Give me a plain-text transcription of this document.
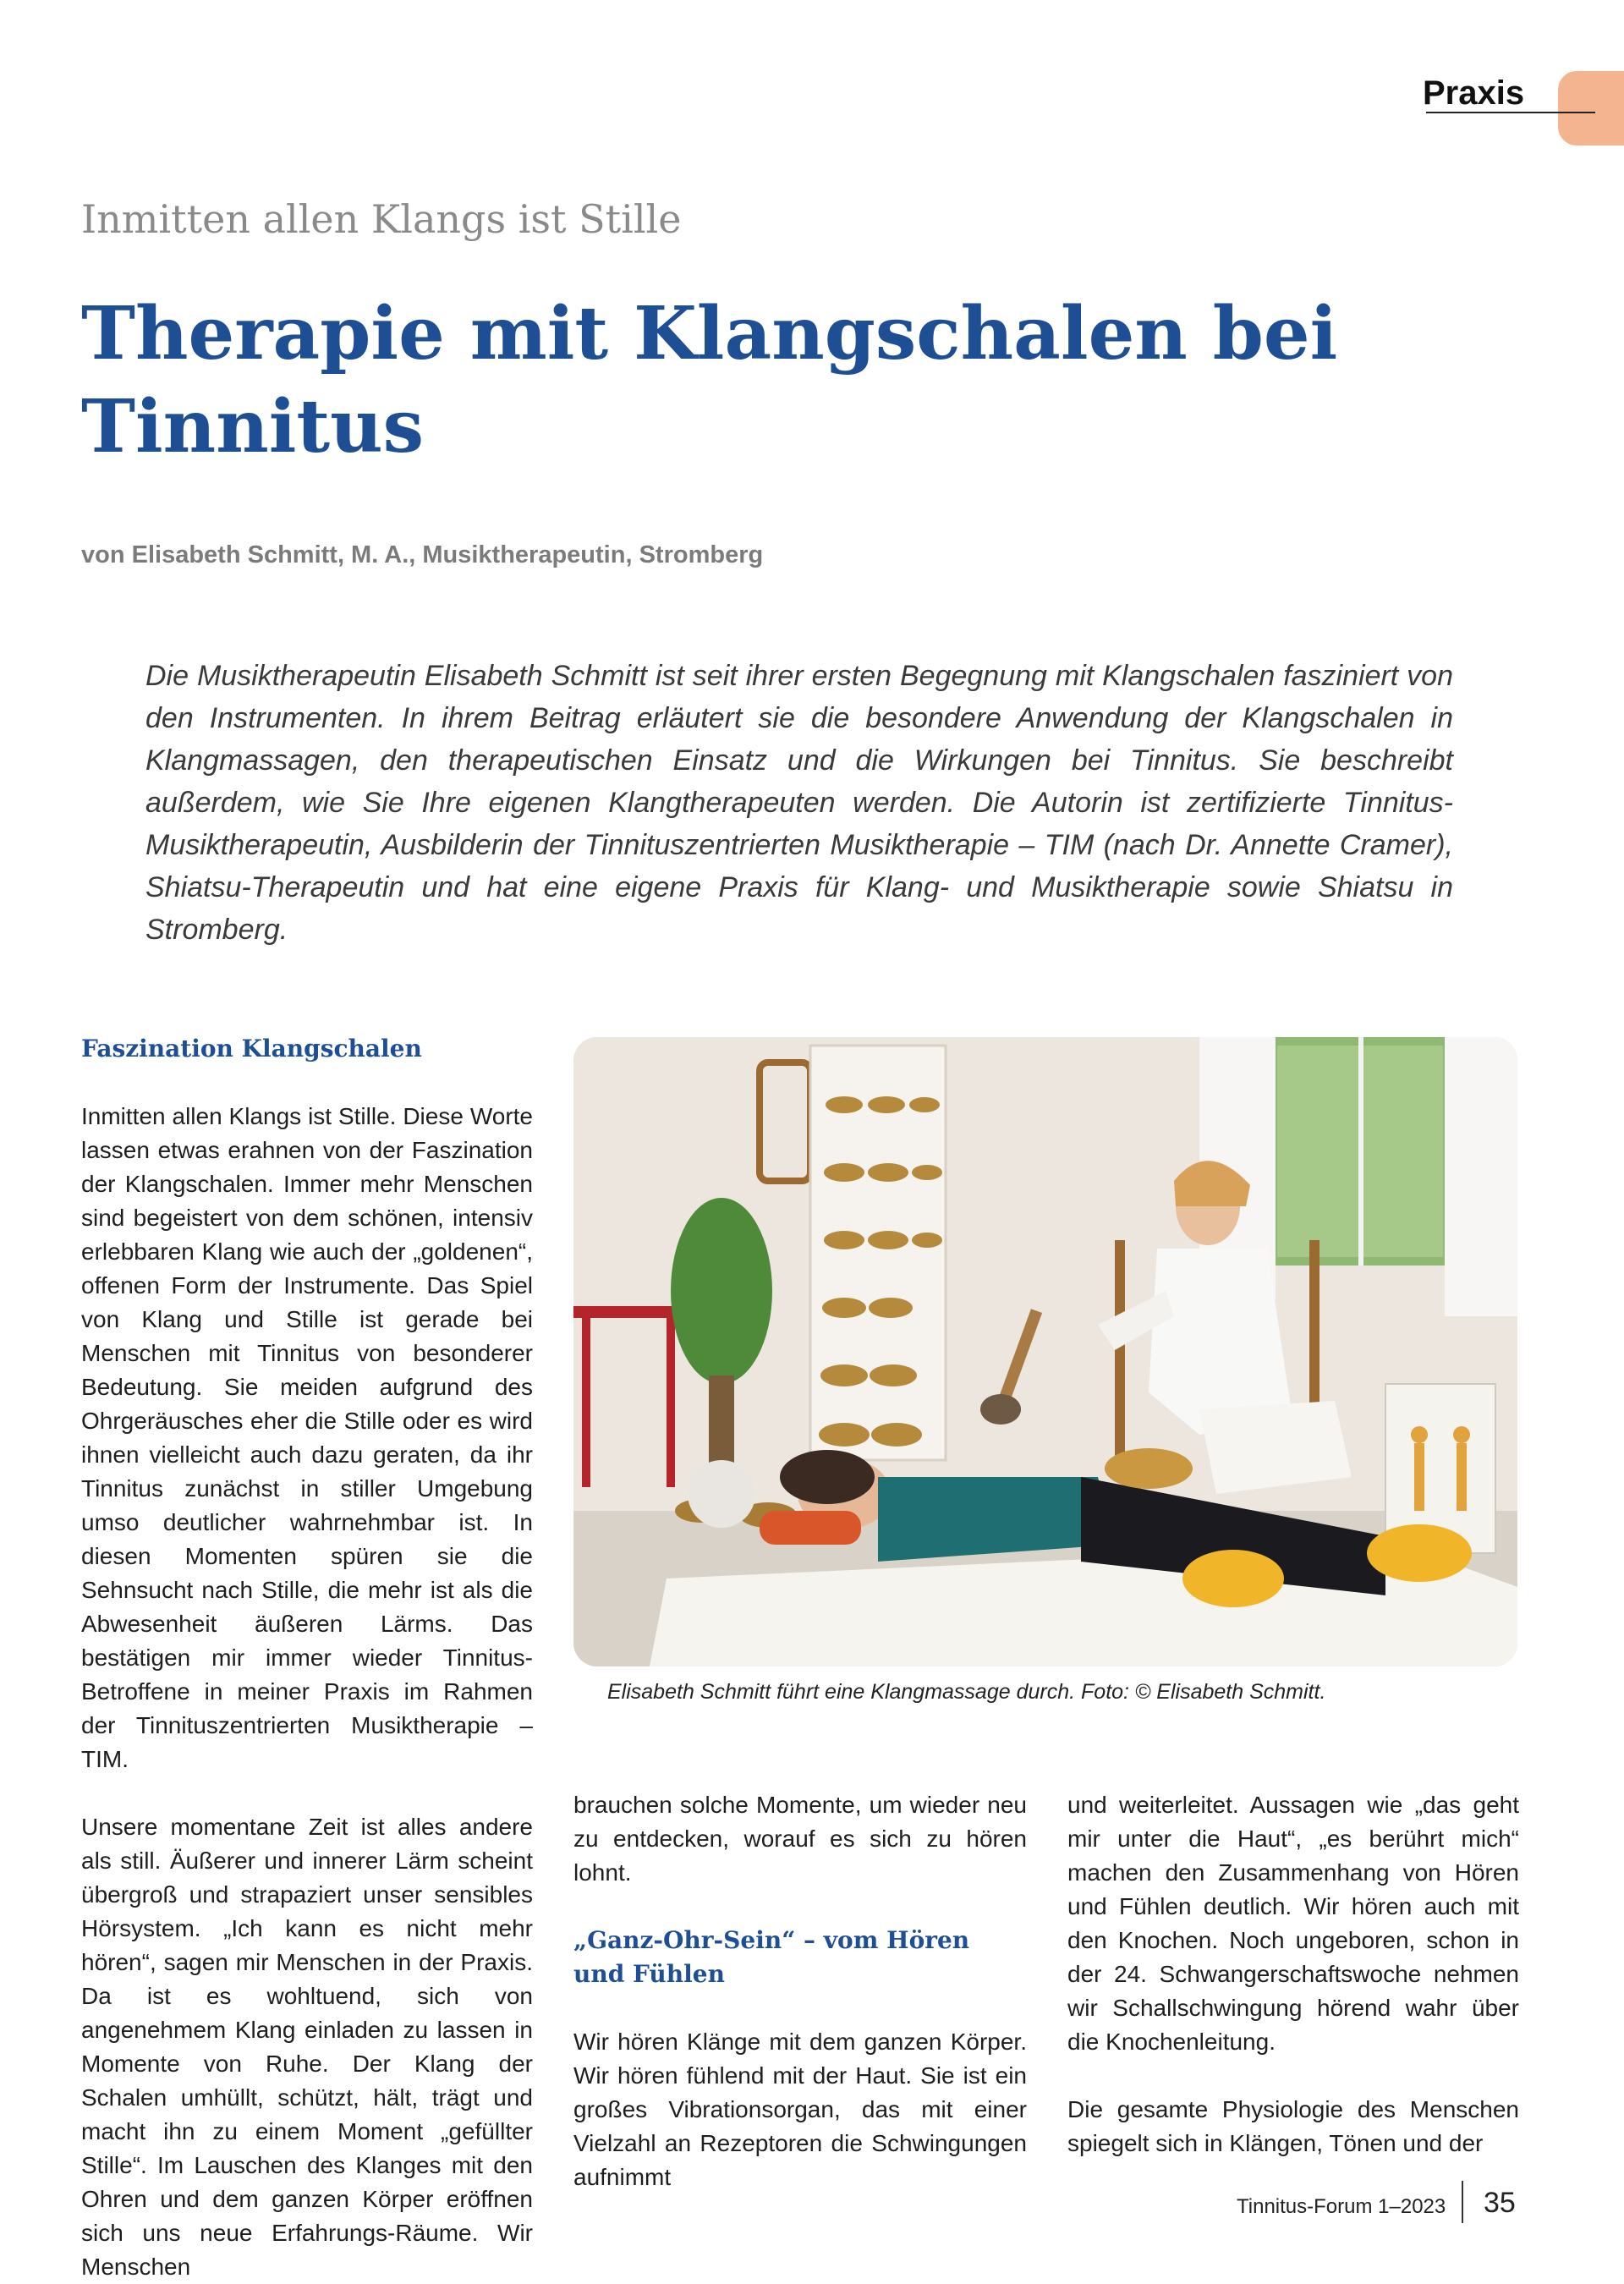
Praxis
Inmitten allen Klangs ist Stille
Therapie mit Klangschalen bei
Tinnitus
von Elisabeth Schmitt, M. A., Musiktherapeutin, Stromberg
Die Musiktherapeutin Elisabeth Schmitt ist seit ihrer ersten Begegnung mit Klangschalen fasziniert von den Instrumenten. In ihrem Beitrag erläutert sie die besondere Anwendung der Klangschalen in Klangmassagen, den therapeutischen Einsatz und die Wirkungen bei Tinnitus. Sie beschreibt außerdem, wie Sie Ihre eigenen Klangtherapeuten werden. Die Autorin ist zertifizierte Tinnitus-Musiktherapeutin, Ausbilderin der Tinnituszentrierten Musiktherapie – TIM (nach Dr. Annette Cramer), Shiatsu-Therapeutin und hat eine eigene Praxis für Klang- und Musiktherapie sowie Shiatsu in Stromberg.
Faszination Klangschalen

Inmitten allen Klangs ist Stille. Diese Worte lassen etwas erahnen von der Faszination der Klangschalen. Immer mehr Menschen sind begeistert von dem schönen, intensiv erlebbaren Klang wie auch der „goldenen“, offenen Form der Instrumente. Das Spiel von Klang und Stille ist gerade bei Menschen mit Tinnitus von besonderer Bedeutung. Sie meiden aufgrund des Ohrgeräusches eher die Stille oder es wird ihnen vielleicht auch dazu geraten, da ihr Tinnitus zunächst in stiller Umgebung umso deutlicher wahrnehmbar ist. In diesen Momenten spüren sie die Sehnsucht nach Stille, die mehr ist als die Abwesenheit äußeren Lärms. Das bestätigen mir immer wieder Tinnitus-Betroffene in meiner Praxis im Rahmen der Tinnituszentrierten Musiktherapie – TIM.

Unsere momentane Zeit ist alles andere als still. Äußerer und innerer Lärm scheint übergroß und strapaziert unser sensibles Hörsystem. „Ich kann es nicht mehr hören“, sagen mir Menschen in der Praxis. Da ist es wohltuend, sich von angenehmem Klang einladen zu lassen in Momente von Ruhe. Der Klang der Schalen umhüllt, schützt, hält, trägt und macht ihn zu einem Moment „gefüllter Stille“. Im Lauschen des Klanges mit den Ohren und dem ganzen Körper eröffnen sich uns neue Erfahrungs-Räume. Wir Menschen

Elisabeth Schmitt führt eine Klangmassage durch. Foto: © Elisabeth Schmitt.

brauchen solche Momente, um wieder neu zu entdecken, worauf es sich zu hören lohnt.

„Ganz-Ohr-Sein“ – vom Hören und Fühlen

Wir hören Klänge mit dem ganzen Körper. Wir hören fühlend mit der Haut. Sie ist ein großes Vibrationsorgan, das mit einer Vielzahl an Rezeptoren die Schwingungen aufnimmt

und weiterleitet. Aussagen wie „das geht mir unter die Haut“, „es berührt mich“ machen den Zusammenhang von Hören und Fühlen deutlich. Wir hören auch mit den Knochen. Noch ungeboren, schon in der 24. Schwangerschaftswoche nehmen wir Schallschwingung hörend wahr über die Knochenleitung.

Die gesamte Physiologie des Menschen spiegelt sich in Klängen, Tönen und der

Tinnitus-Forum 1–2023 35
